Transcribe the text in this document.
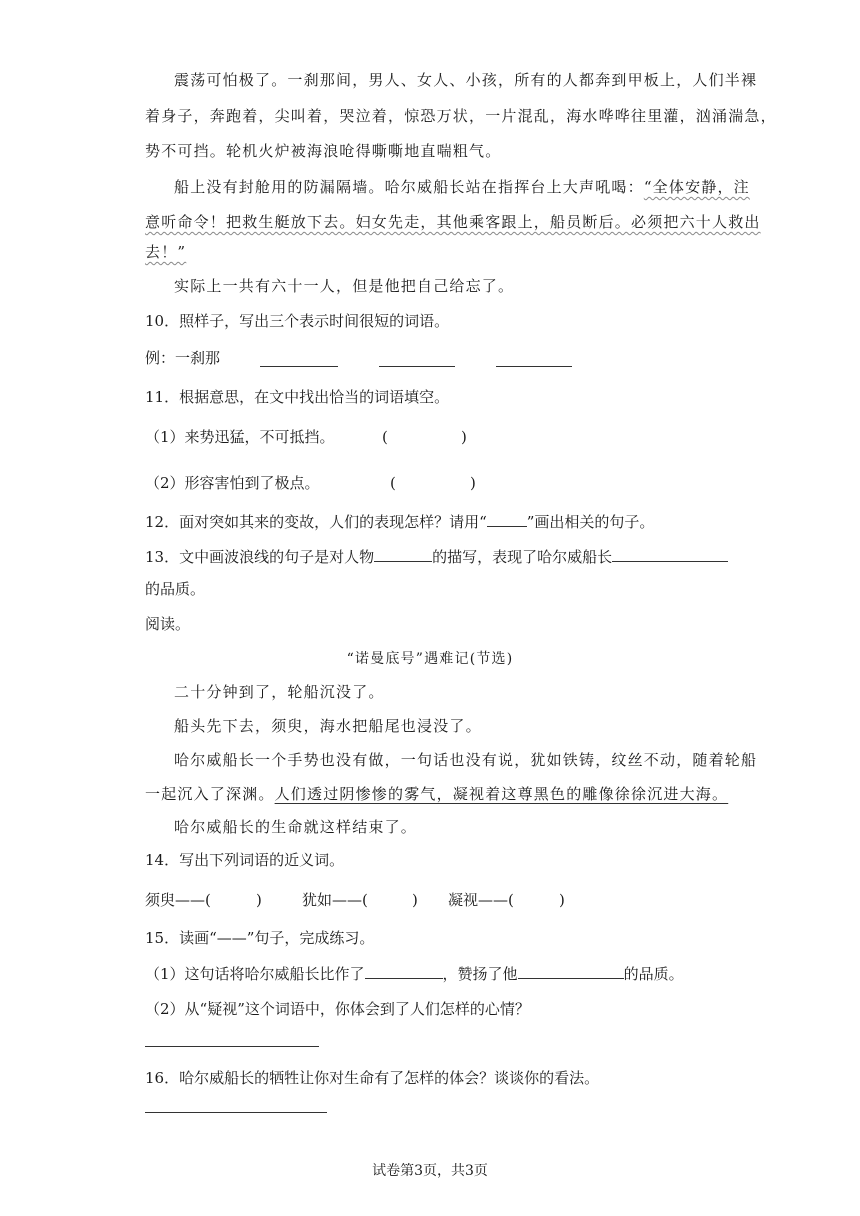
震荡可怕极了。一刹那间，男人、女人、小孩，所有的人都奔到甲板上，人们半裸
着身子，奔跑着，尖叫着，哭泣着，惊恐万状，一片混乱，海水哗哗往里灌，汹涌湍急，
势不可挡。轮机火炉被海浪呛得嘶嘶地直喘粗气。
船上没有封舱用的防漏隔墙。哈尔威船长站在指挥台上大声吼喝：“全体安静，注
意听命令！把救生艇放下去。妇女先走，其他乘客跟上，船员断后。必须把六十人救出
去！”
实际上一共有六十一人，但是他把自己给忘了。
10．照样子，写出三个表示时间很短的词语。
例：一刹那
11．根据意思，在文中找出恰当的词语填空。
（1）来势迅猛，不可抵挡。	(	)
（2）形容害怕到了极点。	(	)
12．面对突如其来的变故，人们的表现怎样？请用“	”画出相关的句子。
13．文中画波浪线的句子是对人物	的描写，表现了哈尔威船长
的品质。
阅读。
“诺曼底号”遇难记(节选)
二十分钟到了，轮船沉没了。
船头先下去，须臾，海水把船尾也浸没了。
哈尔威船长一个手势也没有做，一句话也没有说，犹如铁铸，纹丝不动，随着轮船
一起沉入了深渊。人们透过阴惨惨的雾气，凝视着这尊黑色的雕像徐徐沉进大海。
哈尔威船长的生命就这样结束了。
14．写出下列词语的近义词。
须臾——(	)	犹如——(	) 凝视——(	)
15．读画“——”句子，完成练习。
（1）这句话将哈尔威船长比作了	，赞扬了他	的品质。
（2）从“疑视”这个词语中，你体会到了人们怎样的心情？
16．哈尔威船长的牺牲让你对生命有了怎样的体会？谈谈你的看法。
试卷第3页，共3页
